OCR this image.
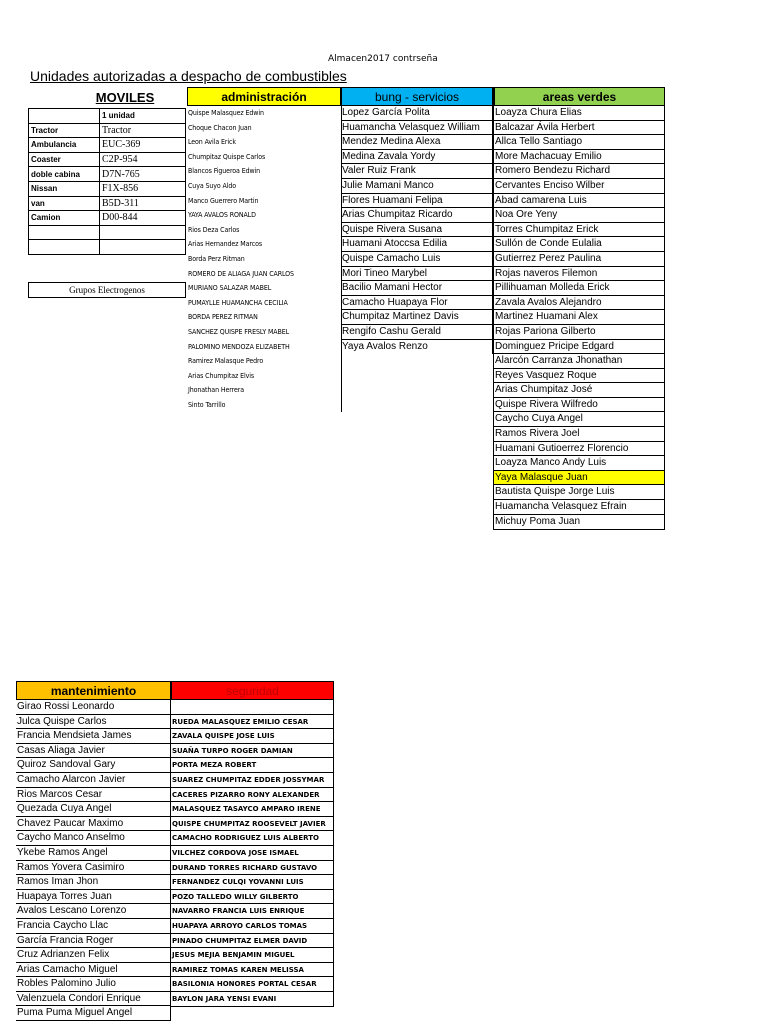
Almacen2017 contrseña
Unidades autorizadas a despacho de combustibles
MOVILES
	1 unidad
Tractor	Tractor
Ambulancia	EUC-369
Coaster	C2P-954
doble cabina	D7N-765
Nissan	F1X-856
van	B5D-311
Camion	D00-844

Grupos Electrogenos
administración
Quispe Malasquez Edwin
Choque Chacon Juan
Leon Avila Erick
Chumpitaz Quispe Carlos
Blancos Figueroa Edwin
Cuya Suyo Aldo
Manco Guerrero Martin
YAYA AVALOS RONALD
Rios Deza Carlos
Arias Hernandez Marcos
Borda Perz Ritman
ROMERO DE ALIAGA JUAN CARLOS
MURIANO SALAZAR MABEL
PUMAYLLE HUAMANCHA CECILIA
BORDA PEREZ RITMAN
SANCHEZ QUISPE FRESLY MABEL
PALOMINO MENDOZA ELIZABETH
Ramirez Malasque Pedro
Arias Chumpitaz Elvis
Jhonathan Herrera
Sinto Tarrillo
bung - servicios
Lopez García Polita
Huamancha Velasquez William
Mendez Medina Alexa
Medina Zavala Yordy
Valer Ruiz Frank
Julie Mamani Manco
Flores Huamani Felipa
Arias Chumpitaz Ricardo
Quispe Rivera Susana
Huamani Atoccsa Edilia
Quispe Camacho Luis
Mori Tineo Marybel
Bacilio Mamani Hector
Camacho Huapaya Flor
Chumpitaz Martinez Davis
Rengifo Cashu Gerald
Yaya Avalos Renzo
areas verdes
Loayza Chura Elias
Balcazar Ávila Herbert
Allca Tello Santiago
More Machacuay Emilio
Romero Bendezu Richard
Cervantes Enciso Wilber
Abad camarena Luis
Noa Ore Yeny
Torres Chumpitaz Erick
Sullón de Conde Eulalia
Gutierrez Perez Paulina
Rojas naveros Filemon
Pillihuaman Molleda Erick
Zavala Avalos Alejandro
Martinez Huamani Alex
Rojas Pariona Gilberto
Dominguez Pricipe Edgard
Alarcón Carranza Jhonathan
Reyes Vasquez Roque
Arias Chumpitaz José
Quispe Rivera Wilfredo
Caycho Cuya Angel
Ramos Rivera Joel
Huamani Gutioerrez Florencio
Loayza Manco Andy Luis
Yaya Malasque Juan
Bautista Quispe Jorge Luis
Huamancha Velasquez Efrain
Michuy Poma Juan
mantenimiento
Girao Rossi Leonardo
Julca Quispe Carlos
Francia Mendsieta James
Casas Aliaga Javier
Quiroz Sandoval Gary
Camacho Alarcon Javier
Rios Marcos Cesar
Quezada Cuya Angel
Chavez Paucar Maximo
Caycho Manco Anselmo
Ykebe Ramos Angel
Ramos Yovera Casimiro
Ramos Iman Jhon
Huapaya Torres Juan
Avalos Lescano Lorenzo
Francia Caycho Llac
García Francia Roger
Cruz Adrianzen Felix
Arias Camacho Miguel
Robles Palomino Julio
Valenzuela Condori Enrique
Puma Puma Miguel Angel
seguridad
RUEDA MALASQUEZ EMILIO CESAR
ZAVALA QUISPE JOSE LUIS
SUAÑA TURPO ROGER DAMIAN
PORTA MEZA ROBERT
SUAREZ CHUMPITAZ EDDER JOSSYMAR
CACERES PIZARRO RONY ALEXANDER
MALASQUEZ TASAYCO AMPARO IRENE
QUISPE CHUMPITAZ ROOSEVELT JAVIER
CAMACHO RODRIGUEZ LUIS ALBERTO
VILCHEZ CORDOVA JOSE ISMAEL
DURAND TORRES RICHARD GUSTAVO
FERNANDEZ CULQI YOVANNI LUIS
POZO TALLEDO WILLY GILBERTO
NAVARRO FRANCIA LUIS ENRIQUE
HUAPAYA ARROYO CARLOS TOMAS
PINADO CHUMPITAZ ELMER DAVID
JESUS MEJIA BENJAMIN MIGUEL
RAMIREZ TOMAS KAREN MELISSA
BASILONIA HONORES PORTAL CESAR
BAYLON JARA YENSI EVANI
